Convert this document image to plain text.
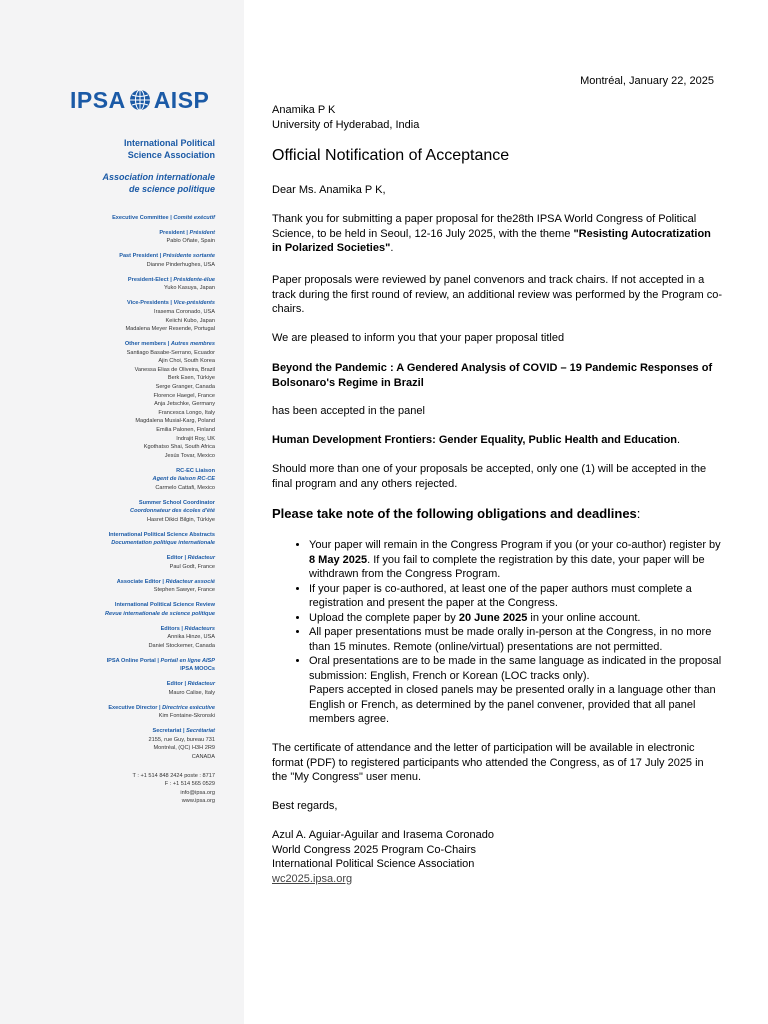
IPSA AISP
International Political
Science Association
Association internationale
de science politique
Executive Committee | Comité exécutif
President | Président
Pablo Oñate, Spain
Past President | Présidente sortante
Dianne Pinderhughes, USA
President-Elect | Présidente-élue
Yuko Kasuya, Japan
Vice-Presidents | Vice-présidents
Irasema Coronado, USA
Keiichi Kubo, Japan
Madalena Meyer Resende, Portugal
Other members | Autres membres
Santiago Basabe-Serrano, Ecuador
Ajin Choi, South Korea
Vanessa Elias de Oliveira, Brazil
Berk Esen, Türkiye
Serge Granger, Canada
Florence Haegel, France
Anja Jetschke, Germany
Francesca Longo, Italy
Magdalena Musiał-Karg, Poland
Emilia Palonen, Finland
Indrajit Roy, UK
Kgothatso Shai, South Africa
Jesús Tovar, Mexico
RC-EC Liaison
Agent de liaison RC-CE
Carmelo Cattafi, Mexico
Summer School Coordinator
Coordonnateur des écoles d'été
Hasret Dikici Bilgin, Türkiye
International Political Science Abstracts
Documentation politique internationale
Editor | Rédacteur
Paul Godt, France
Associate Editor | Rédacteur associé
Stephen Sawyer, France
International Political Science Review
Revue internationale de science politique
Editors | Rédacteurs
Annika Hinze, USA
Daniel Stockemer, Canada
IPSA Online Portal | Portail en ligne AISP
IPSA MOOCs
Editor | Rédacteur
Mauro Calise, Italy
Executive Director | Directrice exécutive
Kim Fontaine-Skronski
Secretariat | Secrétariat
2155, rue Guy, bureau 731
Montréal, (QC) H3H 2R9
CANADA
T : +1 514 848 2424 poste : 8717
F : +1 514 565 0529
info@ipsa.org
www.ipsa.org
Montréal, January 22, 2025
Anamika P K
University of Hyderabad, India
Official Notification of Acceptance
Dear Ms. Anamika P K,
Thank you for submitting a paper proposal for the28th IPSA World Congress of Political Science, to be held in Seoul, 12-16 July 2025, with the theme "Resisting Autocratization in Polarized Societies".
Paper proposals were reviewed by panel convenors and track chairs. If not accepted in a track during the first round of review, an additional review was performed by the Program co-chairs.
We are pleased to inform you that your paper proposal titled
Beyond the Pandemic : A Gendered Analysis of COVID – 19 Pandemic Responses of Bolsonaro's Regime in Brazil
has been accepted in the panel
Human Development Frontiers: Gender Equality, Public Health and Education.
Should more than one of your proposals be accepted, only one (1) will be accepted in the final program and any others rejected.
Please take note of the following obligations and deadlines:
• Your paper will remain in the Congress Program if you (or your co-author) register by 8 May 2025. If you fail to complete the registration by this date, your paper will be withdrawn from the Congress Program.
• If your paper is co-authored, at least one of the paper authors must complete a registration and present the paper at the Congress.
• Upload the complete paper by 20 June 2025 in your online account.
• All paper presentations must be made orally in-person at the Congress, in no more than 15 minutes. Remote (online/virtual) presentations are not permitted.
• Oral presentations are to be made in the same language as indicated in the proposal submission: English, French or Korean (LOC tracks only).
Papers accepted in closed panels may be presented orally in a language other than English or French, as determined by the panel convener, provided that all panel members agree.
The certificate of attendance and the letter of participation will be available in electronic format (PDF) to registered participants who attended the Congress, as of 17 July 2025 in the "My Congress" user menu.
Best regards,
Azul A. Aguiar-Aguilar and Irasema Coronado
World Congress 2025 Program Co-Chairs
International Political Science Association
wc2025.ipsa.org
